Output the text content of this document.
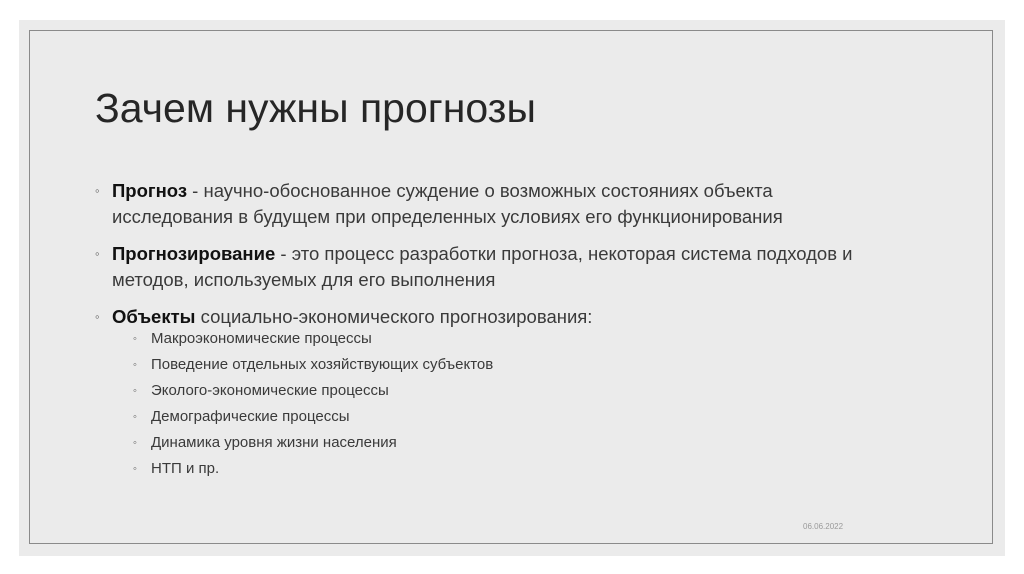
Зачем нужны прогнозы
◦ Прогноз - научно-обоснованное суждение о возможных состояниях объекта исследования в будущем при определенных условиях его функционирования
◦ Прогнозирование - это процесс разработки прогноза, некоторая система подходов и методов, используемых для его выполнения
◦ Объекты социально-экономического прогнозирования:
◦ Макроэкономические процессы
◦ Поведение отдельных хозяйствующих субъектов
◦ Эколого-экономические процессы
◦ Демографические процессы
◦ Динамика уровня жизни населения
◦ НТП и пр.
06.06.2022
